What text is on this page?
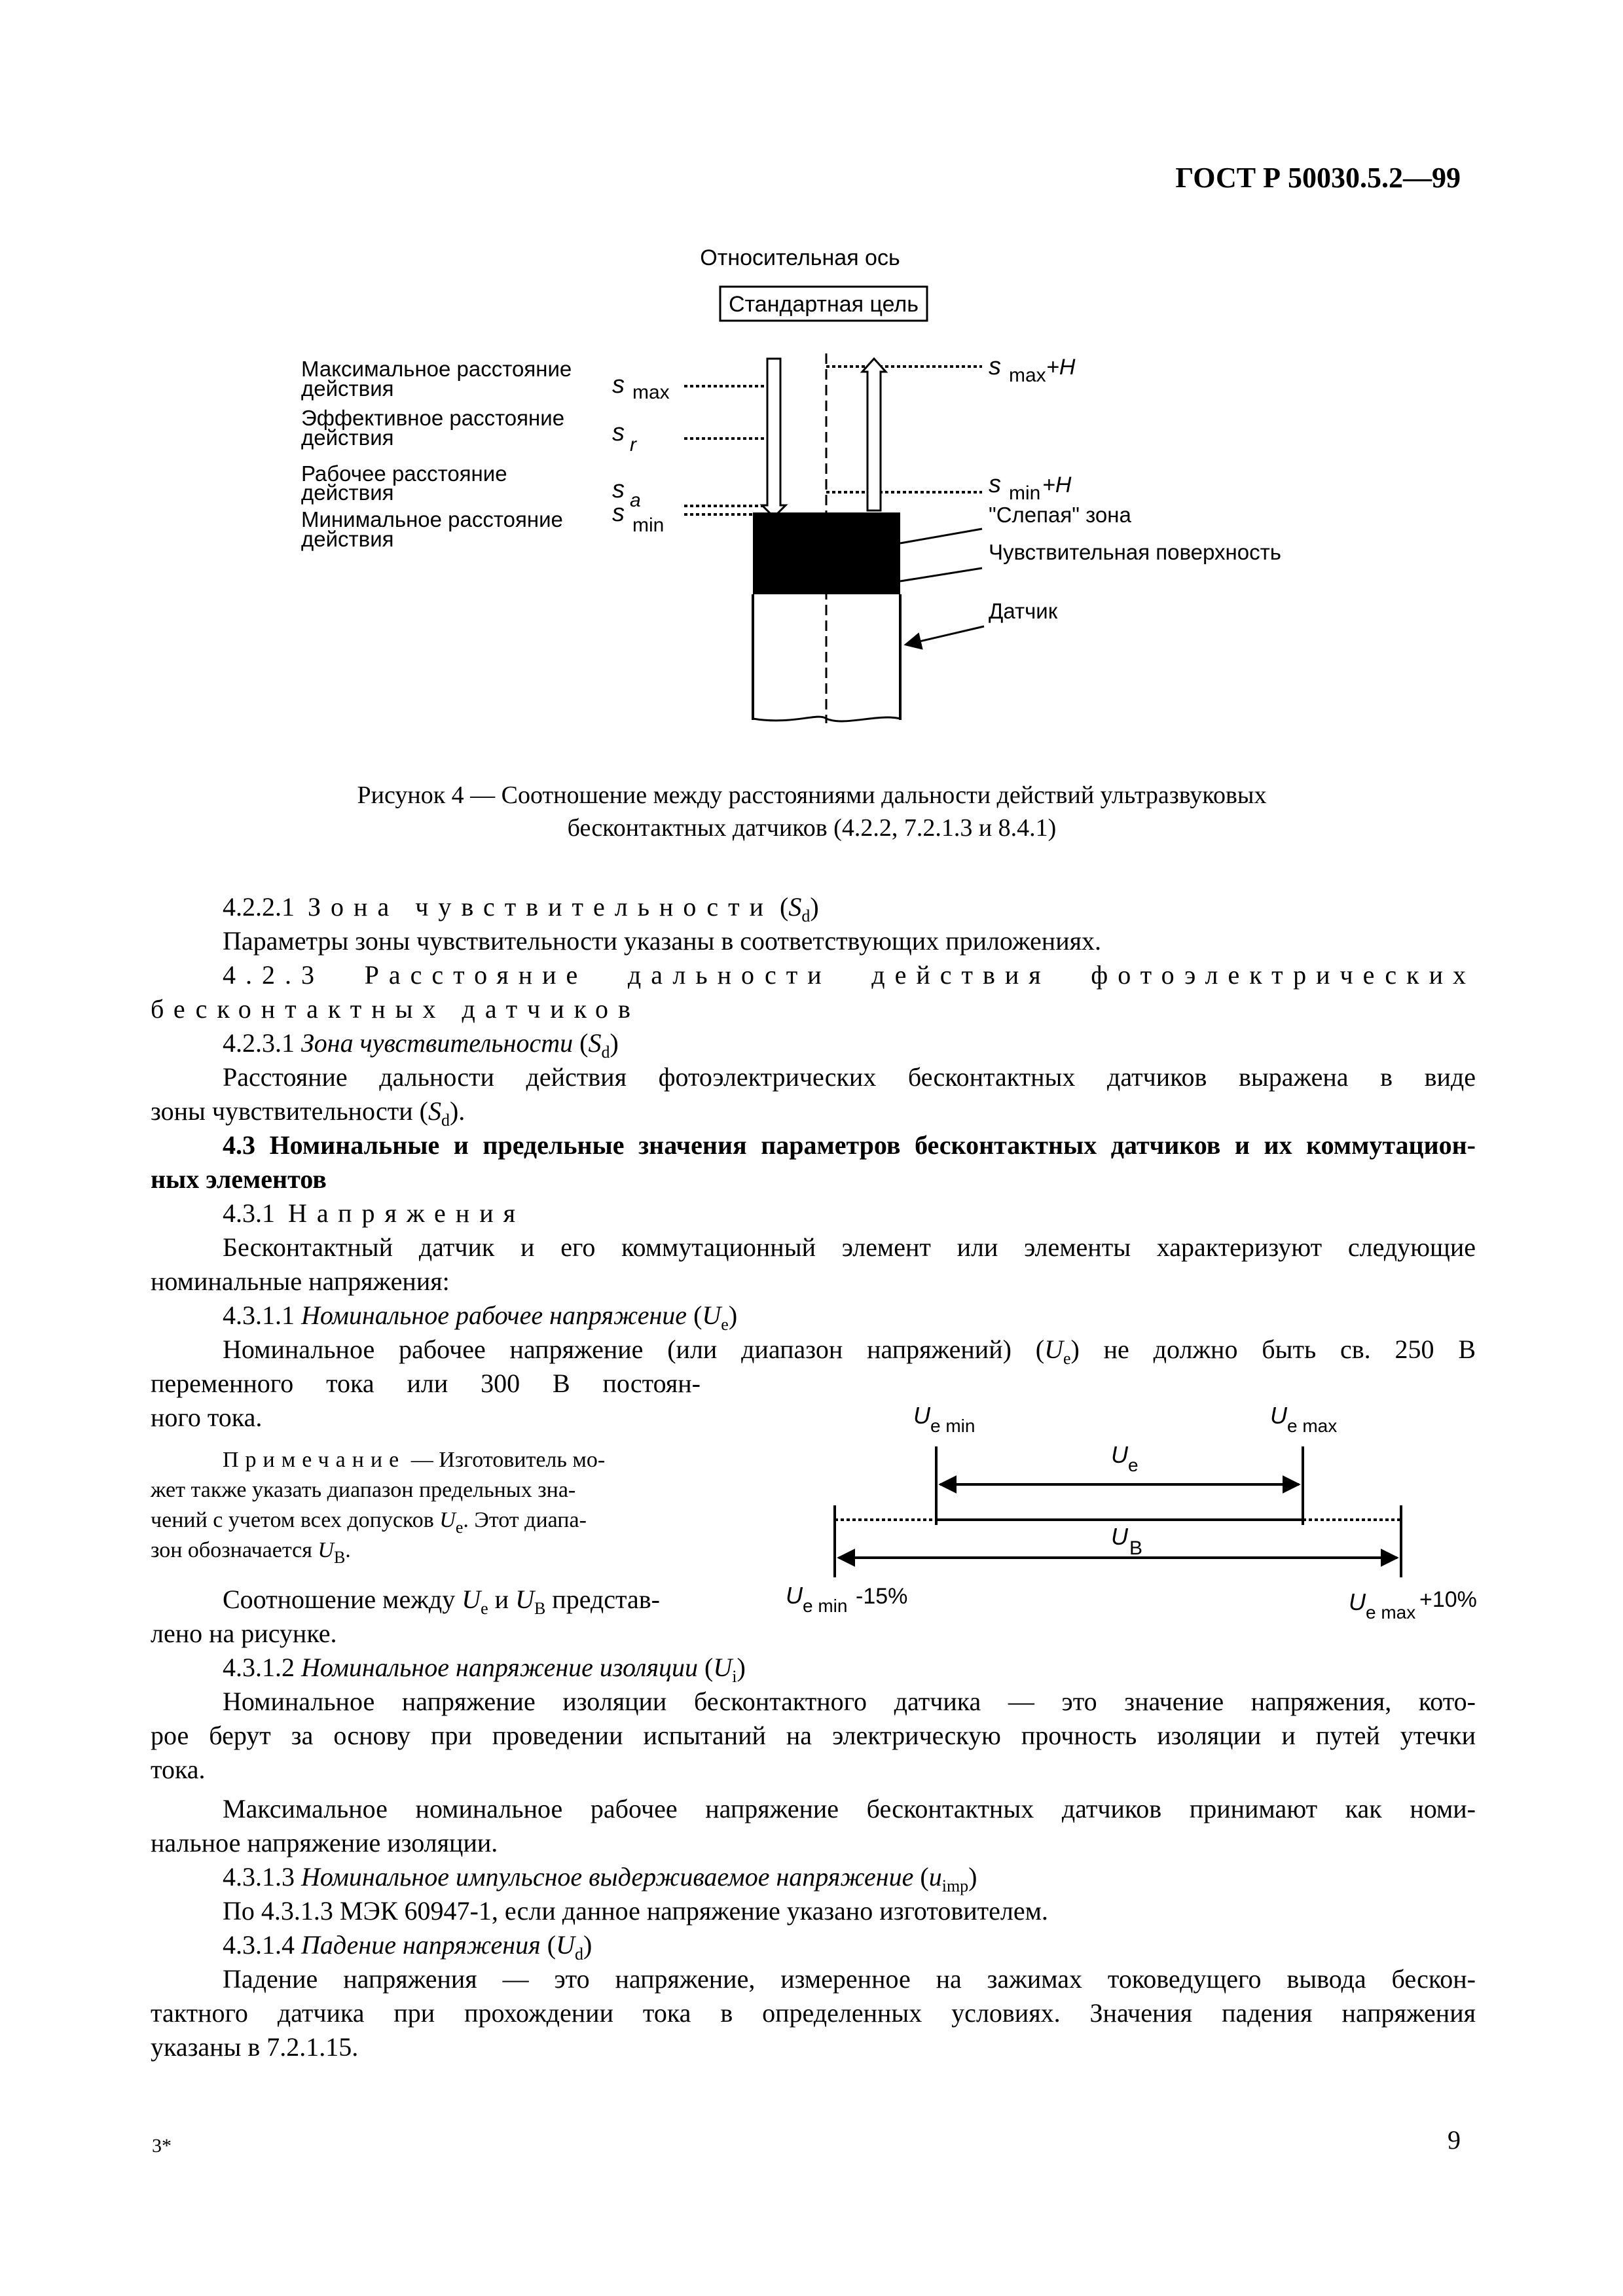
ГОСТ Р 50030.5.2—99
Относительная ось
Стандартная цель
Максимальное расстояние
действия
Эффективное расстояние
действия
Рабочее расстояние
действия
Минимальное расстояние
действия
s max
s r
s a
s min
s max +H
s min +H
"Слепая" зона
Чувствительная поверхность
Датчик
Рисунок 4 — Соотношение между расстояниями дальности действий ультразвуковых
бесконтактных датчиков (4.2.2, 7.2.1.3 и 8.4.1)
4.2.2.1 Зона чувствительности $(S_d)$
Параметры зоны чувствительности указаны в соответствующих приложениях.
4.2.3 Расстояние дальности действия фотоэлектрических
бесконтактных датчиков
4.2.3.1 Зона чувствительности $(S_d)$
Расстояние дальности действия фотоэлектрических бесконтактных датчиков выражена в виде
зоны чувствительности $(S_d)$.
4.3 Номинальные и предельные значения параметров бесконтактных датчиков и их коммутацион-
ных элементов
4.3.1 Напряжения
Бесконтактный датчик и его коммутационный элемент или элементы характеризуют следующие
номинальные напряжения:
4.3.1.1 Номинальное рабочее напряжение $(U_e)$
Номинальное рабочее напряжение (или диапазон напряжений) $(U_e)$ не должно быть св. 250 В
переменного тока или 300 В постоян-
ного тока.
Примечание — Изготовитель мо-
жет также указать диапазон предельных зна-
чений с учетом всех допусков $U_e$. Этот диапа-
зон обозначается $U_B$.
Соотношение между $U_e$ и $U_B$ представ-
лено на рисунке.
U e min	U e max
U e
U B
U e min -15%	U e max
+10%
4.3.1.2 Номинальное напряжение изоляции $(U_i)$
Номинальное напряжение изоляции бесконтактного датчика — это значение напряжения, кото-
рое берут за основу при проведении испытаний на электрическую прочность изоляции и путей утечки
тока.
Максимальное номинальное рабочее напряжение бесконтактных датчиков принимают как номи-
нальное напряжение изоляции.
4.3.1.3 Номинальное импульсное выдерживаемое напряжение $(u_{imp})$
По 4.3.1.3 МЭК 60947-1, если данное напряжение указано изготовителем.
4.3.1.4 Падение напряжения $(U_d)$
Падение напряжения — это напряжение, измеренное на зажимах токоведущего вывода бескон-
тактного датчика при прохождении тока в определенных условиях. Значения падения напряжения
указаны в 7.2.1.15.
3*	9
